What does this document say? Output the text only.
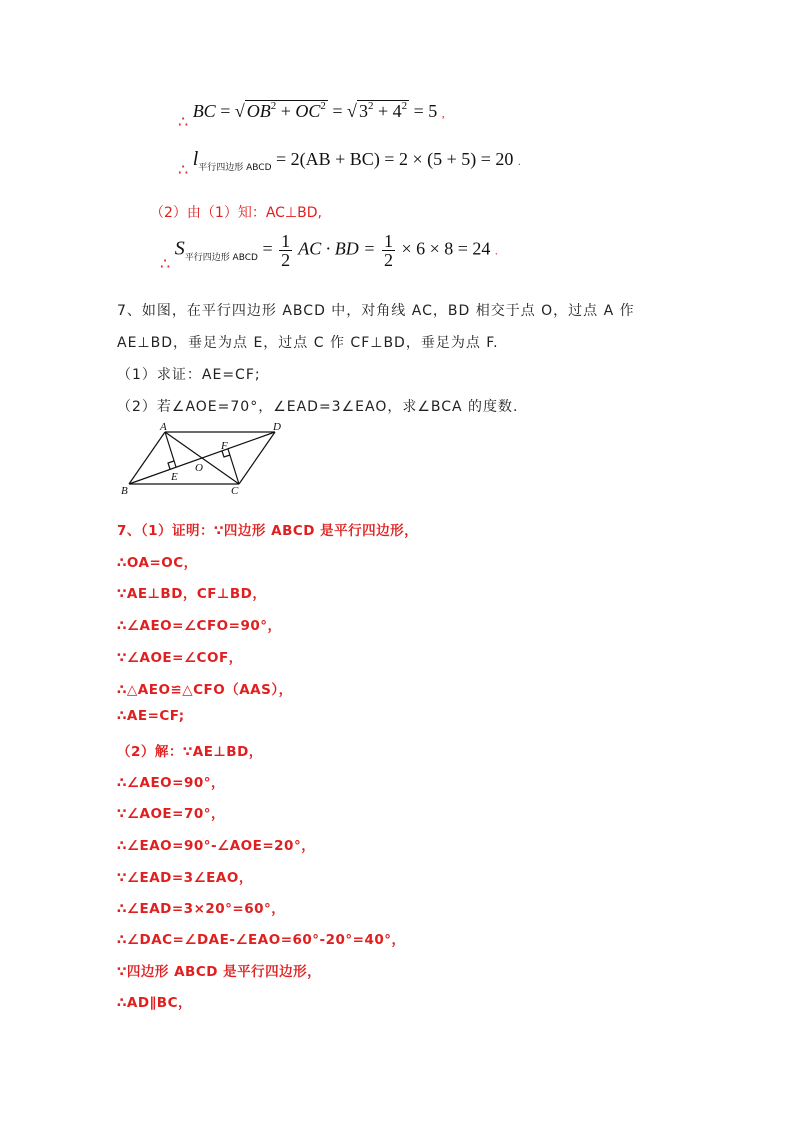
∴ BC = √ $OB^2 + OC^2$ = √ $3^2 + 4^2 = 5$ ,
∴ $l_{平行四边形 ABCD} = 2(AB + BC) = 2 \times (5 + 5) = 20$ .
（2）由（1）知：AC⊥BD,
∴ $S_{平行四边形 ABCD} = \frac{1}{2}$ AC · BD = $\frac{1}{2} \times 6 \times 8 = 24$ .
7、如图，在平行四边形 ABCD 中，对角线 AC，BD 相交于点 O，过点 A 作
AE⊥BD，垂足为点 E，过点 C 作 CF⊥BD，垂足为点 F.
（1）求证：AE=CF;
（2）若∠AOE=70°，∠EAD=3∠EAO，求∠BCA 的度数.
A	D
B	C
E
F
O
7、（1）证明：∵四边形 ABCD 是平行四边形，
∴OA=OC，
∵AE⊥BD，CF⊥BD，
∴∠AEO=∠CFO=90°，
∵∠AOE=∠COF，
∴△AEO≌△CFO（AAS），
∴AE=CF;
（2）解：∵AE⊥BD，
∴∠AEO=90°，
∵∠AOE=70°，
∴∠EAO=90°-∠AOE=20°，
∵∠EAD=3∠EAO，
∴∠EAD=3×20°=60°，
∴∠DAC=∠DAE-∠EAO=60°-20°=40°，
∵四边形 ABCD 是平行四边形，
∴AD∥BC，
